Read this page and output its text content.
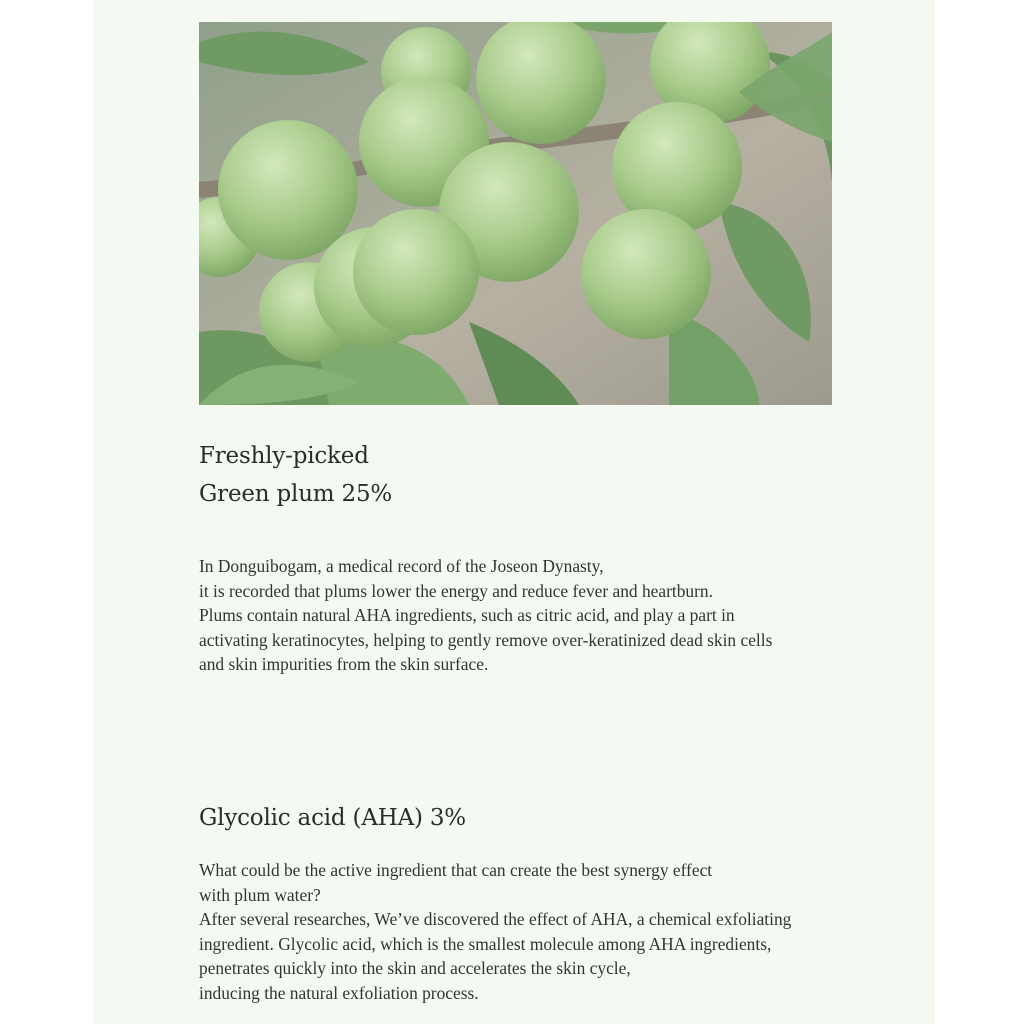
Freshly-picked
Green plum 25%

In Donguibogam, a medical record of the Joseon Dynasty,
it is recorded that plums lower the energy and reduce fever and heartburn.
Plums contain natural AHA ingredients, such as citric acid, and play a part in
activating keratinocytes, helping to gently remove over-keratinized dead skin cells
and skin impurities from the skin surface.

Glycolic acid (AHA) 3%

What could be the active ingredient that can create the best synergy effect
with plum water?
After several researches, We’ve discovered the effect of AHA, a chemical exfoliating
ingredient. Glycolic acid, which is the smallest molecule among AHA ingredients,
penetrates quickly into the skin and accelerates the skin cycle,
inducing the natural exfoliation process.
